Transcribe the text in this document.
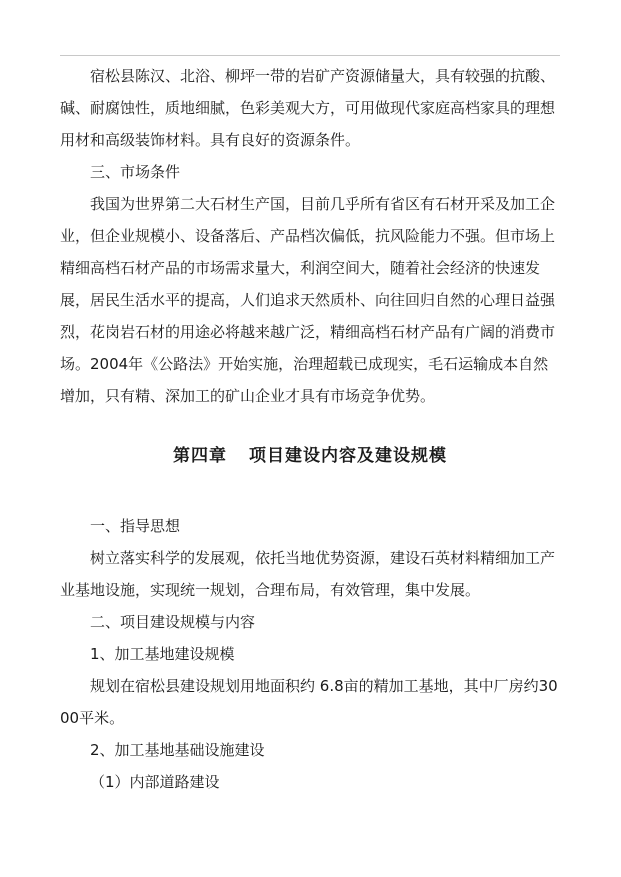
宿松县陈汉、北浴、柳坪一带的岩矿产资源储量大，具有较强的抗酸、碱、耐腐蚀性，质地细腻，色彩美观大方，可用做现代家庭高档家具的理想用材和高级装饰材料。具有良好的资源条件。

三、市场条件

我国为世界第二大石材生产国，目前几乎所有省区有石材开采及加工企业，但企业规模小、设备落后、产品档次偏低，抗风险能力不强。但市场上精细高档石材产品的市场需求量大，利润空间大，随着社会经济的快速发展，居民生活水平的提高，人们追求天然质朴、向往回归自然的心理日益强烈，花岗岩石材的用途必将越来越广泛，精细高档石材产品有广阔的消费市场。2004年《公路法》开始实施，治理超载已成现实，毛石运输成本自然增加，只有精、深加工的矿山企业才具有市场竞争优势。

第四章 项目建设内容及建设规模

一、指导思想

树立落实科学的发展观，依托当地优势资源，建设石英材料精细加工产业基地设施，实现统一规划，合理布局，有效管理，集中发展。

二、项目建设规模与内容

1、加工基地建设规模

规划在宿松县建设规划用地面积约 6.8亩的精加工基地，其中厂房约3000平米。

2、加工基地基础设施建设

（1）内部道路建设
